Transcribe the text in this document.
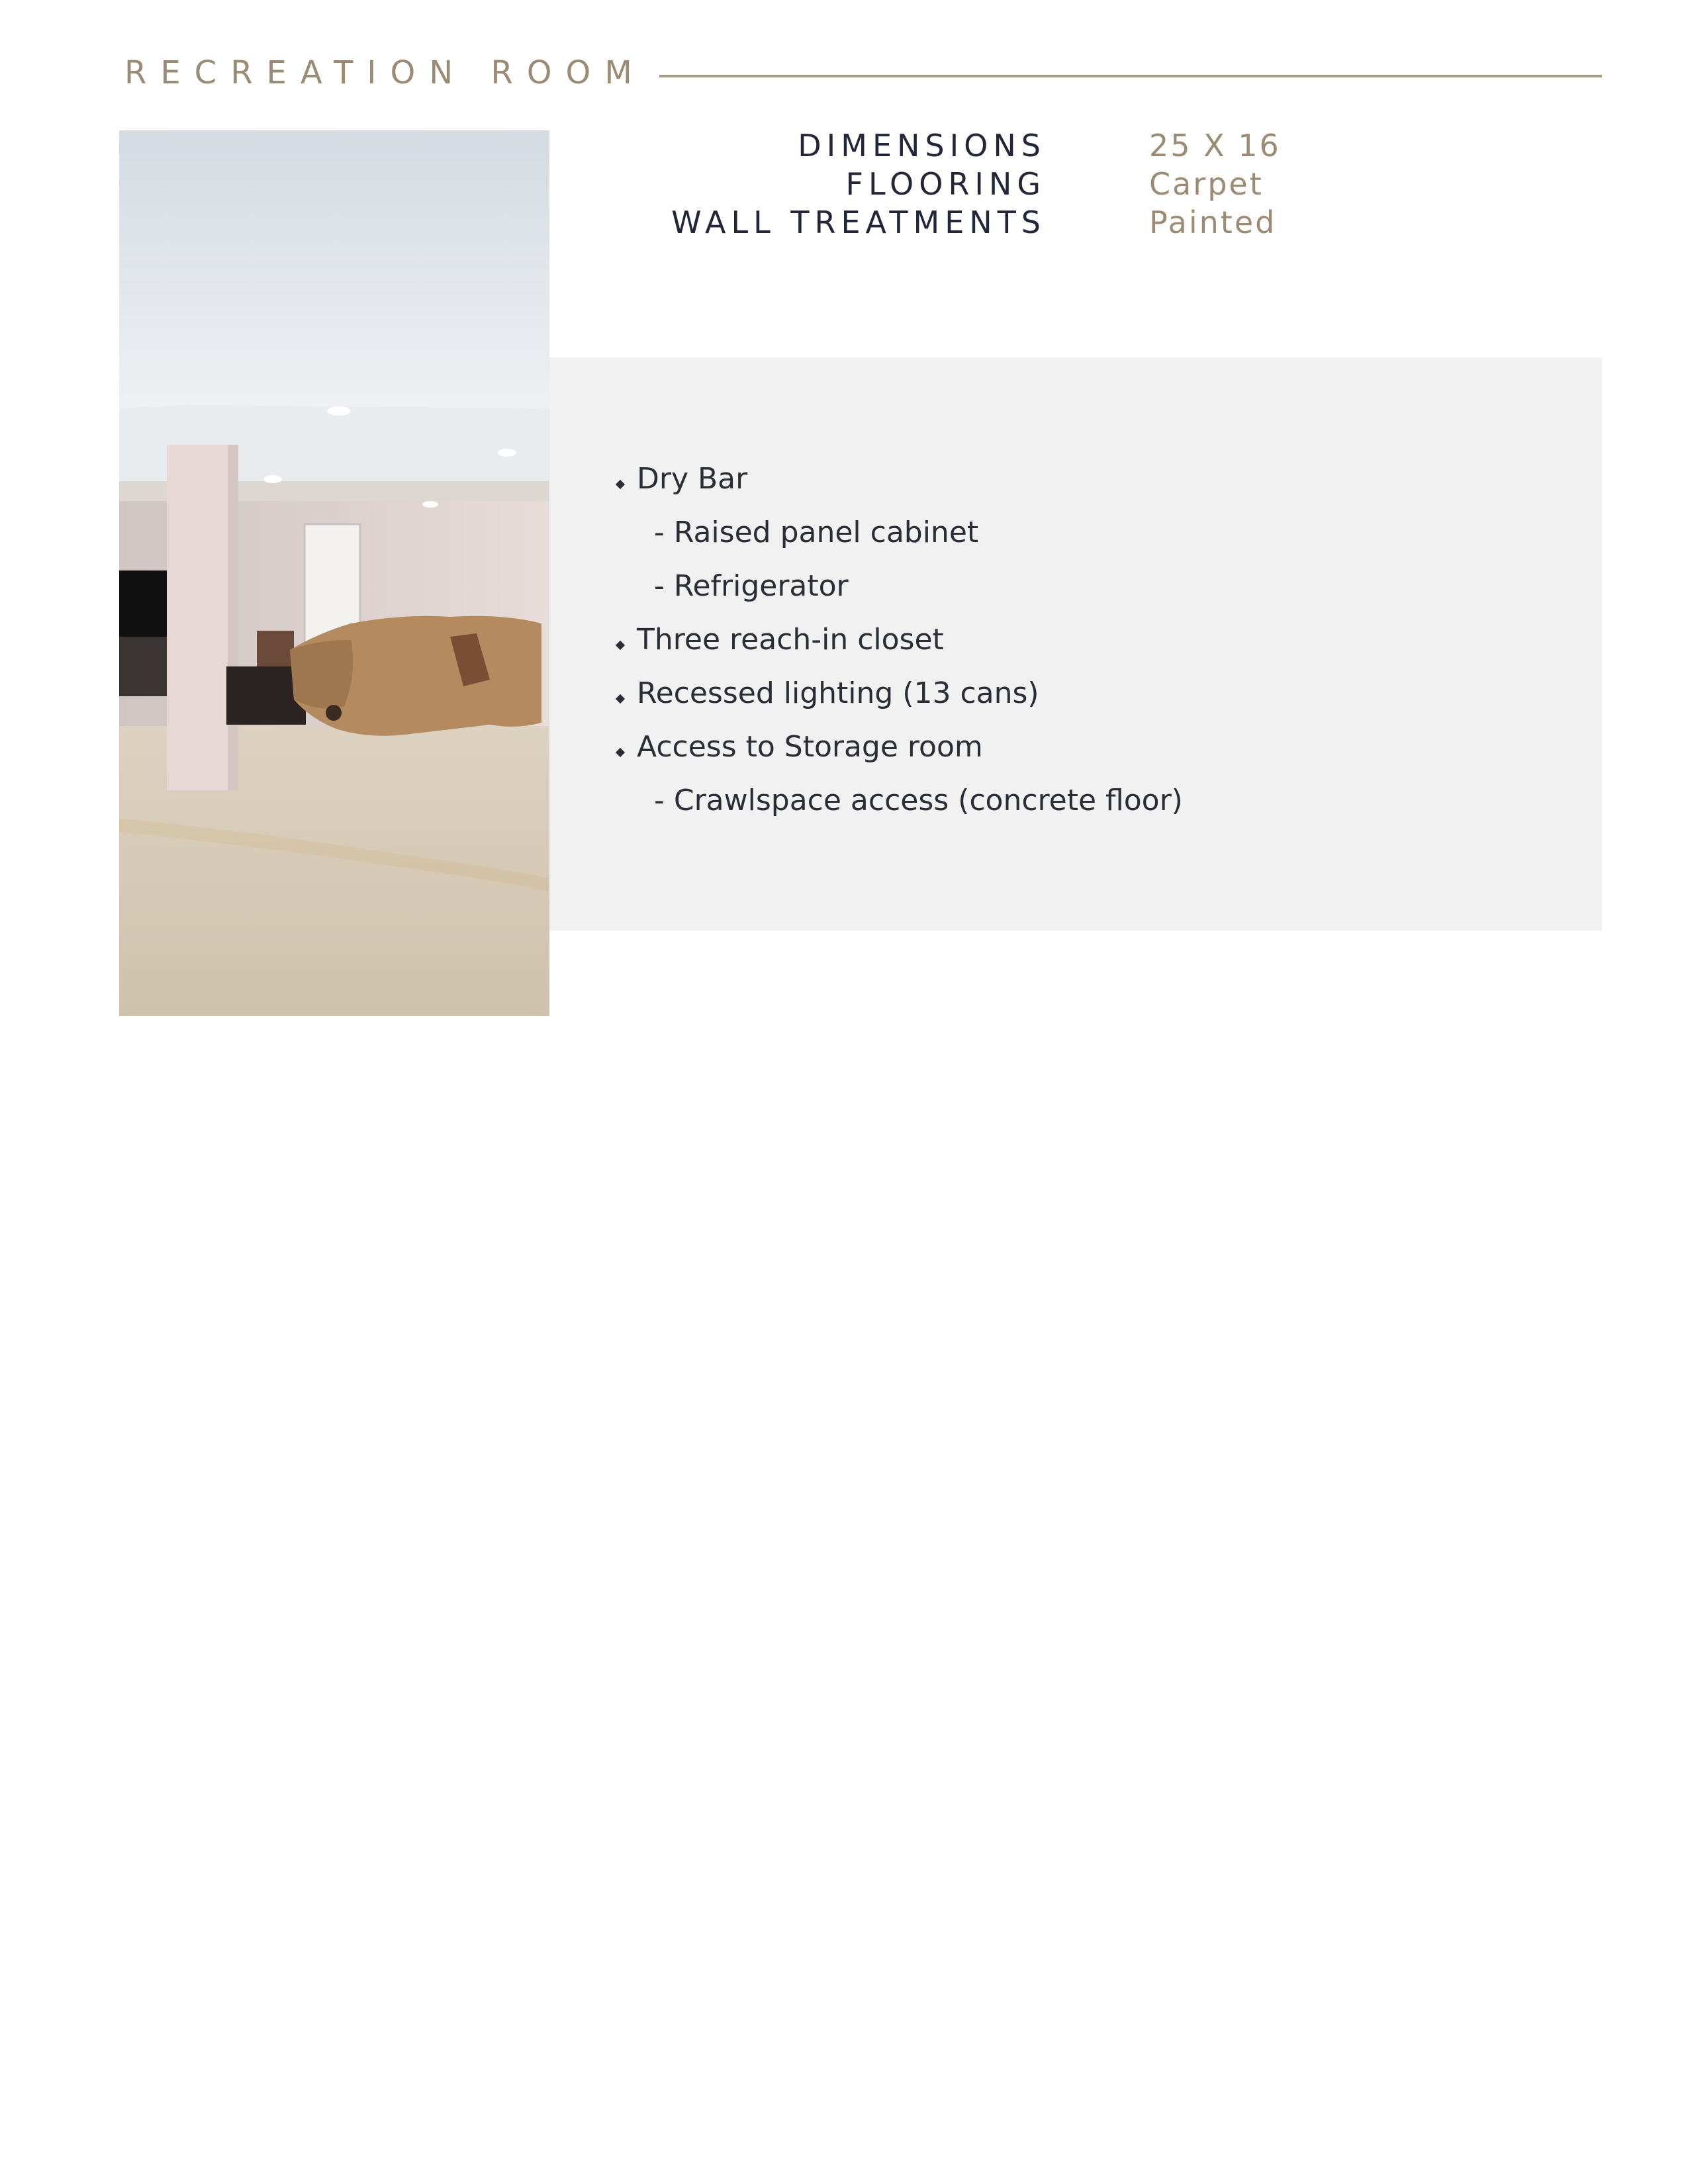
RECREATION ROOM
DIMENSIONS	25 X 16
FLOORING	Carpet
WALL TREATMENTS	Painted
Dry Bar
- Raised panel cabinet
- Refrigerator
Three reach-in closet
Recessed lighting (13 cans)
Access to Storage room
- Crawlspace access (concrete floor)
